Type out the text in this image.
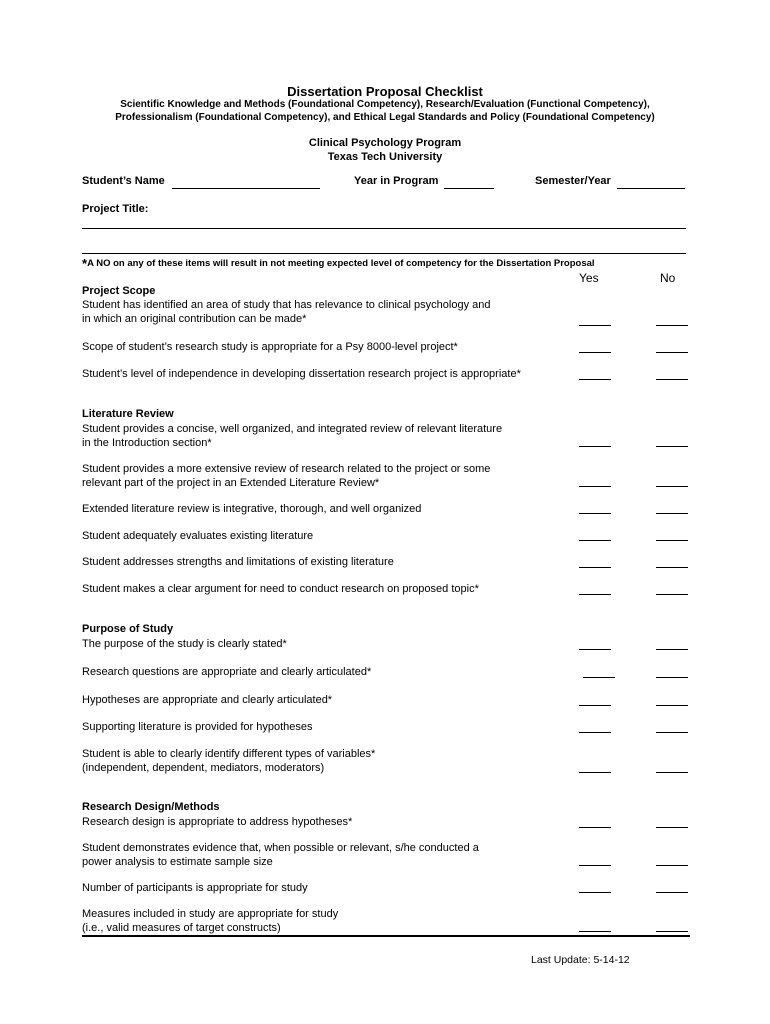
Dissertation Proposal Checklist
Scientific Knowledge and Methods (Foundational Competency), Research/Evaluation (Functional Competency),
Professionalism (Foundational Competency), and Ethical Legal Standards and Policy (Foundational Competency)
Clinical Psychology Program
Texas Tech University
Student’s Name	Year in Program	Semester/Year
Project Title:
*A NO on any of these items will result in not meeting expected level of competency for the Dissertation Proposal
Yes	No
Project Scope
Student has identified an area of study that has relevance to clinical psychology and
in which an original contribution can be made*
Scope of student’s research study is appropriate for a Psy 8000-level project*
Student’s level of independence in developing dissertation research project is appropriate*
Literature Review
Student provides a concise, well organized, and integrated review of relevant literature
in the Introduction section*
Student provides a more extensive review of research related to the project or some
relevant part of the project in an Extended Literature Review*
Extended literature review is integrative, thorough, and well organized
Student adequately evaluates existing literature
Student addresses strengths and limitations of existing literature
Student makes a clear argument for need to conduct research on proposed topic*
Purpose of Study
The purpose of the study is clearly stated*
Research questions are appropriate and clearly articulated*
Hypotheses are appropriate and clearly articulated*
Supporting literature is provided for hypotheses
Student is able to clearly identify different types of variables*
(independent, dependent, mediators, moderators)
Research Design/Methods
Research design is appropriate to address hypotheses*
Student demonstrates evidence that, when possible or relevant, s/he conducted a
power analysis to estimate sample size
Number of participants is appropriate for study
Measures included in study are appropriate for study
(i.e., valid measures of target constructs)
Last Update: 5-14-12
